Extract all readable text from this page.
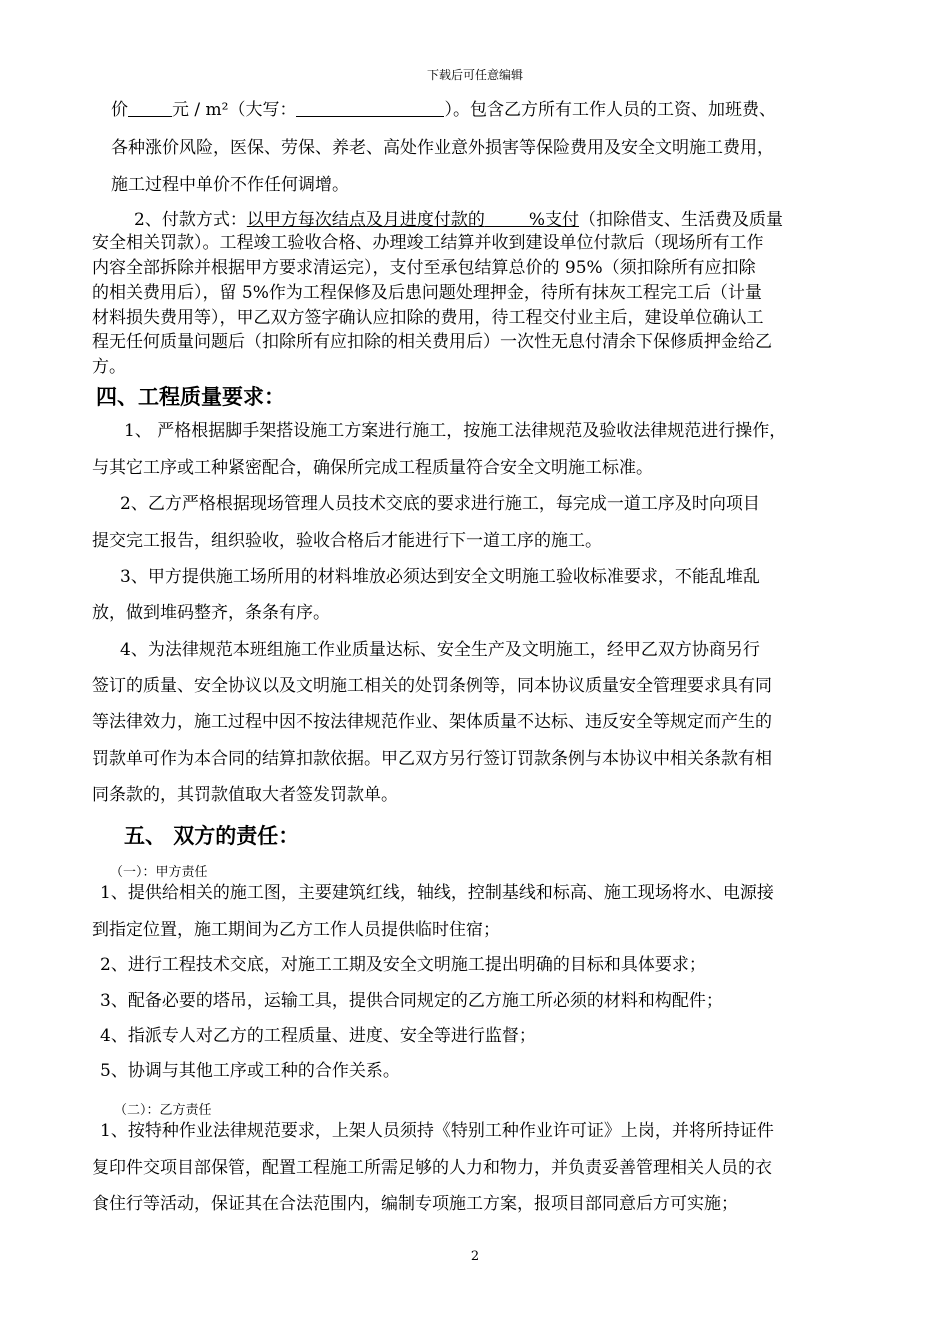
下载后可任意编辑
价	元 / m²（大写：	）。包含乙方所有工作人员的工资、加班费、
各种涨价风险，医保、劳保、养老、高处作业意外损害等保险费用及安全文明施工费用，
施工过程中单价不作任何调增。
2、付款方式：以甲方每次结点及月进度付款的	%支付（扣除借支、生活费及质量
安全相关罚款）。工程竣工验收合格、办理竣工结算并收到建设单位付款后（现场所有工作
内容全部拆除并根据甲方要求清运完），支付至承包结算总价的 95%（须扣除所有应扣除
的相关费用后），留 5%作为工程保修及后患问题处理押金，待所有抹灰工程完工后（计量
材料损失费用等），甲乙双方签字确认应扣除的费用，待工程交付业主后，建设单位确认工
程无任何质量问题后（扣除所有应扣除的相关费用后）一次性无息付清余下保修质押金给乙
方。
四、工程质量要求：
1、 严格根据脚手架搭设施工方案进行施工，按施工法律规范及验收法律规范进行操作，
与其它工序或工种紧密配合，确保所完成工程质量符合安全文明施工标准。
2、乙方严格根据现场管理人员技术交底的要求进行施工，每完成一道工序及时向项目
提交完工报告，组织验收，验收合格后才能进行下一道工序的施工。
3、甲方提供施工场所用的材料堆放必须达到安全文明施工验收标准要求，不能乱堆乱
放，做到堆码整齐，条条有序。
4、为法律规范本班组施工作业质量达标、安全生产及文明施工，经甲乙双方协商另行
签订的质量、安全协议以及文明施工相关的处罚条例等，同本协议质量安全管理要求具有同
等法律效力，施工过程中因不按法律规范作业、架体质量不达标、违反安全等规定而产生的
罚款单可作为本合同的结算扣款依据。甲乙双方另行签订罚款条例与本协议中相关条款有相
同条款的，其罚款值取大者签发罚款单。
五、 双方的责任：
（一）：甲方责任
1、提供给相关的施工图，主要建筑红线，轴线，控制基线和标高、施工现场将水、电源接
到指定位置，施工期间为乙方工作人员提供临时住宿；
2、进行工程技术交底，对施工工期及安全文明施工提出明确的目标和具体要求；
3、配备必要的塔吊，运输工具，提供合同规定的乙方施工所必须的材料和构配件；
4、指派专人对乙方的工程质量、进度、安全等进行监督；
5、协调与其他工序或工种的合作关系。
（二）：乙方责任
1、按特种作业法律规范要求，上架人员须持《特别工种作业许可证》上岗，并将所持证件
复印件交项目部保管，配置工程施工所需足够的人力和物力，并负责妥善管理相关人员的衣
食住行等活动，保证其在合法范围内，编制专项施工方案，报项目部同意后方可实施；
2
